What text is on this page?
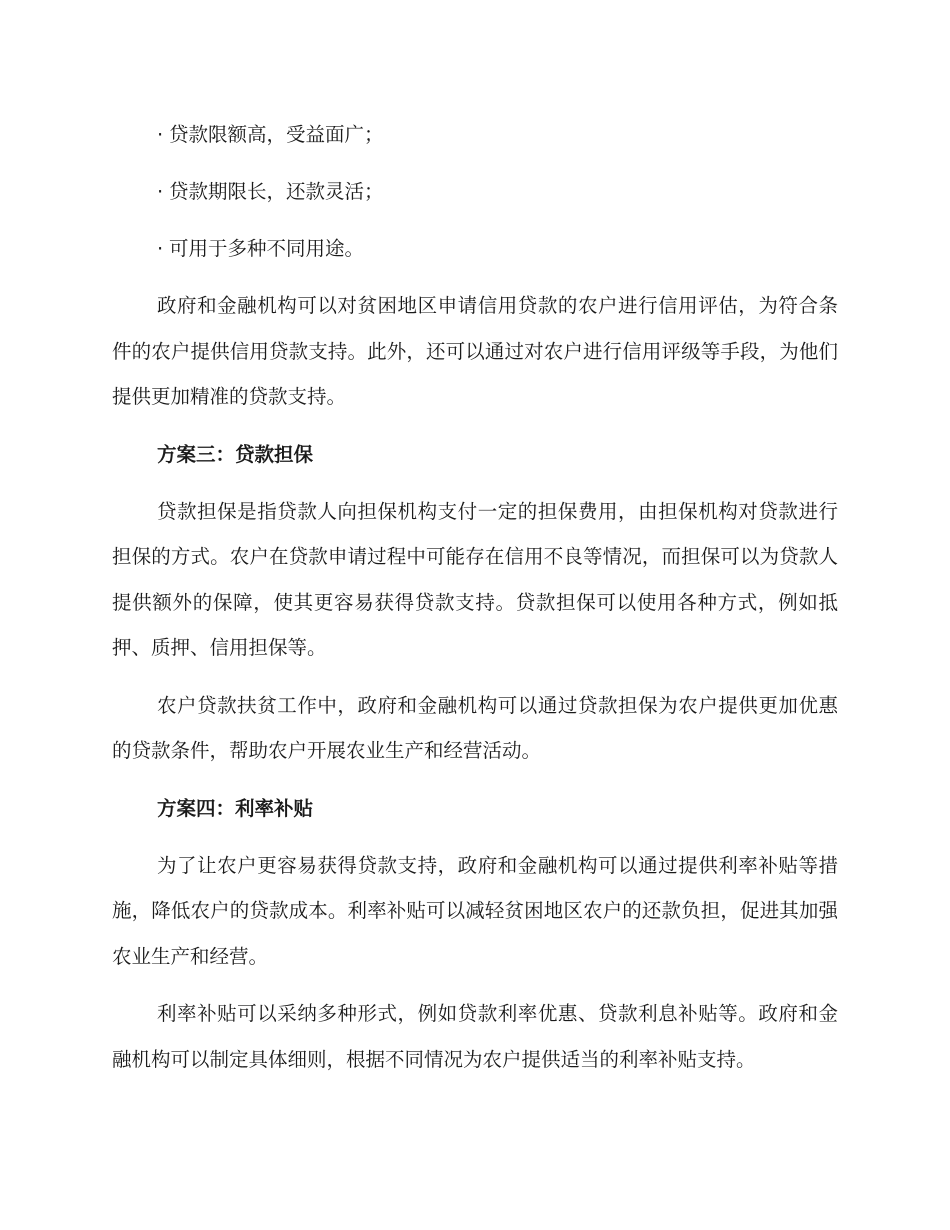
· 贷款限额高，受益面广；
· 贷款期限长，还款灵活；
· 可用于多种不同用途。

政府和金融机构可以对贫困地区申请信用贷款的农户进行信用评估，为符合条件的农户提供信用贷款支持。此外，还可以通过对农户进行信用评级等手段，为他们提供更加精准的贷款支持。

方案三：贷款担保

贷款担保是指贷款人向担保机构支付一定的担保费用，由担保机构对贷款进行担保的方式。农户在贷款申请过程中可能存在信用不良等情况，而担保可以为贷款人提供额外的保障，使其更容易获得贷款支持。贷款担保可以使用各种方式，例如抵押、质押、信用担保等。

农户贷款扶贫工作中，政府和金融机构可以通过贷款担保为农户提供更加优惠的贷款条件，帮助农户开展农业生产和经营活动。

方案四：利率补贴

为了让农户更容易获得贷款支持，政府和金融机构可以通过提供利率补贴等措施，降低农户的贷款成本。利率补贴可以减轻贫困地区农户的还款负担，促进其加强农业生产和经营。

利率补贴可以采纳多种形式，例如贷款利率优惠、贷款利息补贴等。政府和金融机构可以制定具体细则，根据不同情况为农户提供适当的利率补贴支持。
